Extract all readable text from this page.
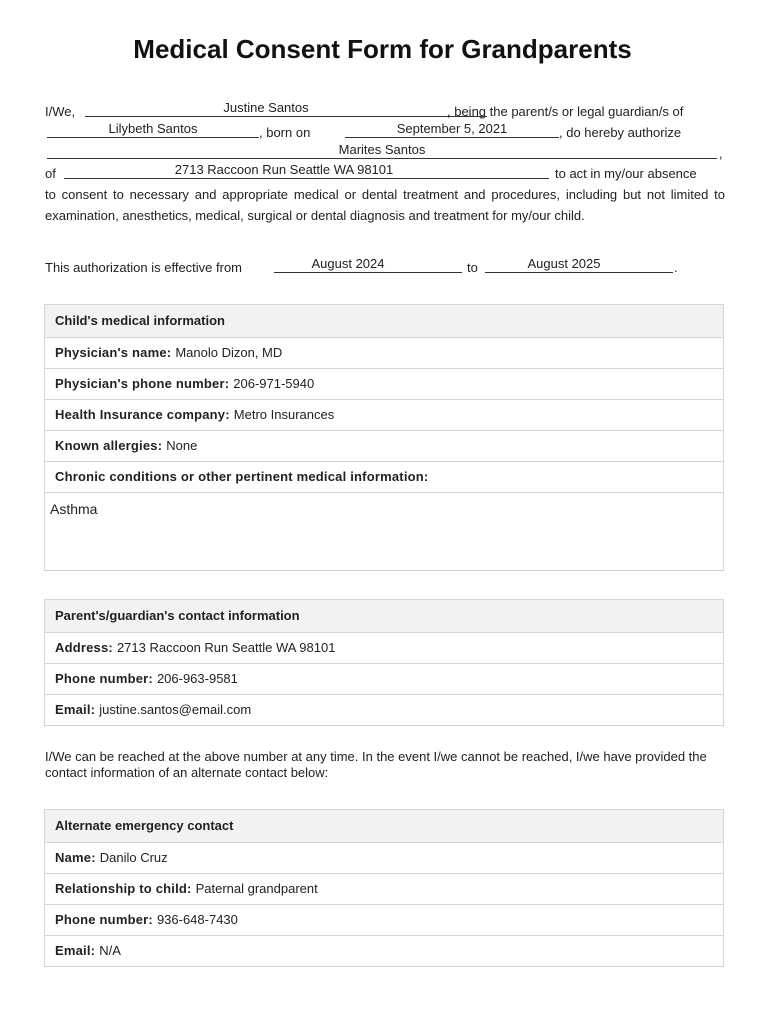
Medical Consent Form for Grandparents
I/We,	Justine Santos	, being the parent/s or legal guardian/s of
Lilybeth Santos	, born on	September 5, 2021	, do hereby authorize
Marites Santos	,
of	2713 Raccoon Run Seattle WA 98101	to act in my/our absence
to consent to necessary and appropriate medical or dental treatment and procedures, including but not limited to examination, anesthetics, medical, surgical or dental diagnosis and treatment for my/our child.
This authorization is effective from	August 2024	to	August 2025	.
Child's medical information
Physician's name: Manolo Dizon, MD
Physician's phone number: 206-971-5940
Health Insurance company: Metro Insurances
Known allergies: None
Chronic conditions or other pertinent medical information:
Asthma
Parent's/guardian's contact information
Address: 2713 Raccoon Run Seattle WA 98101
Phone number: 206-963-9581
Email: justine.santos@email.com
I/We can be reached at the above number at any time. In the event I/we cannot be reached, I/we have provided the contact information of an alternate contact below:
Alternate emergency contact
Name: Danilo Cruz
Relationship to child: Paternal grandparent
Phone number: 936-648-7430
Email: N/A
